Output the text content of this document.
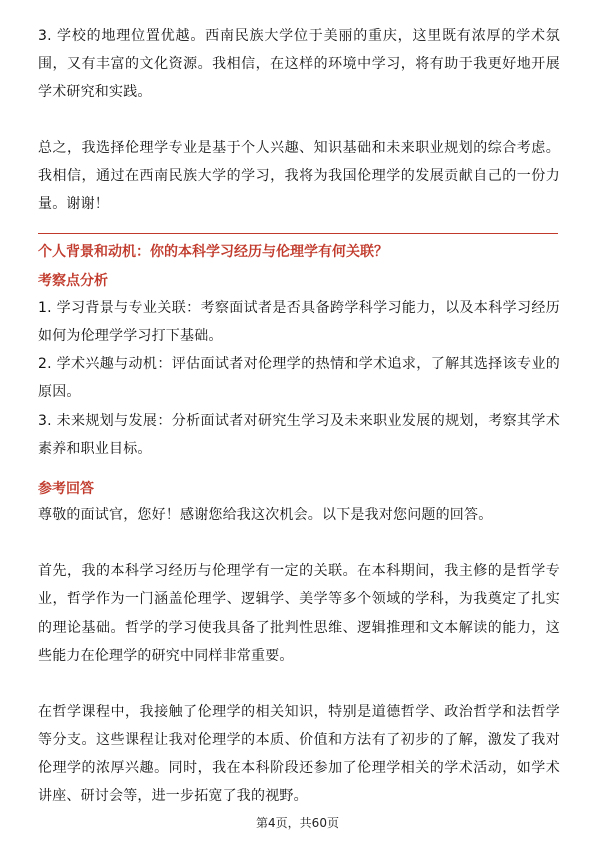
3. 学校的地理位置优越。西南民族大学位于美丽的重庆，这里既有浓厚的学术氛
围，又有丰富的文化资源。我相信，在这样的环境中学习，将有助于我更好地开展
学术研究和实践。
总之，我选择伦理学专业是基于个人兴趣、知识基础和未来职业规划的综合考虑。
我相信，通过在西南民族大学的学习，我将为我国伦理学的发展贡献自己的一份力
量。谢谢！
个人背景和动机：你的本科学习经历与伦理学有何关联？
考察点分析
1. 学习背景与专业关联：考察面试者是否具备跨学科学习能力，以及本科学习经历
如何为伦理学学习打下基础。
2. 学术兴趣与动机：评估面试者对伦理学的热情和学术追求，了解其选择该专业的
原因。
3. 未来规划与发展：分析面试者对研究生学习及未来职业发展的规划，考察其学术
素养和职业目标。
参考回答
尊敬的面试官，您好！感谢您给我这次机会。以下是我对您问题的回答。
首先，我的本科学习经历与伦理学有一定的关联。在本科期间，我主修的是哲学专
业，哲学作为一门涵盖伦理学、逻辑学、美学等多个领域的学科，为我奠定了扎实
的理论基础。哲学的学习使我具备了批判性思维、逻辑推理和文本解读的能力，这
些能力在伦理学的研究中同样非常重要。
在哲学课程中，我接触了伦理学的相关知识，特别是道德哲学、政治哲学和法哲学
等分支。这些课程让我对伦理学的本质、价值和方法有了初步的了解，激发了我对
伦理学的浓厚兴趣。同时，我在本科阶段还参加了伦理学相关的学术活动，如学术
讲座、研讨会等，进一步拓宽了我的视野。
第4页，共60页
